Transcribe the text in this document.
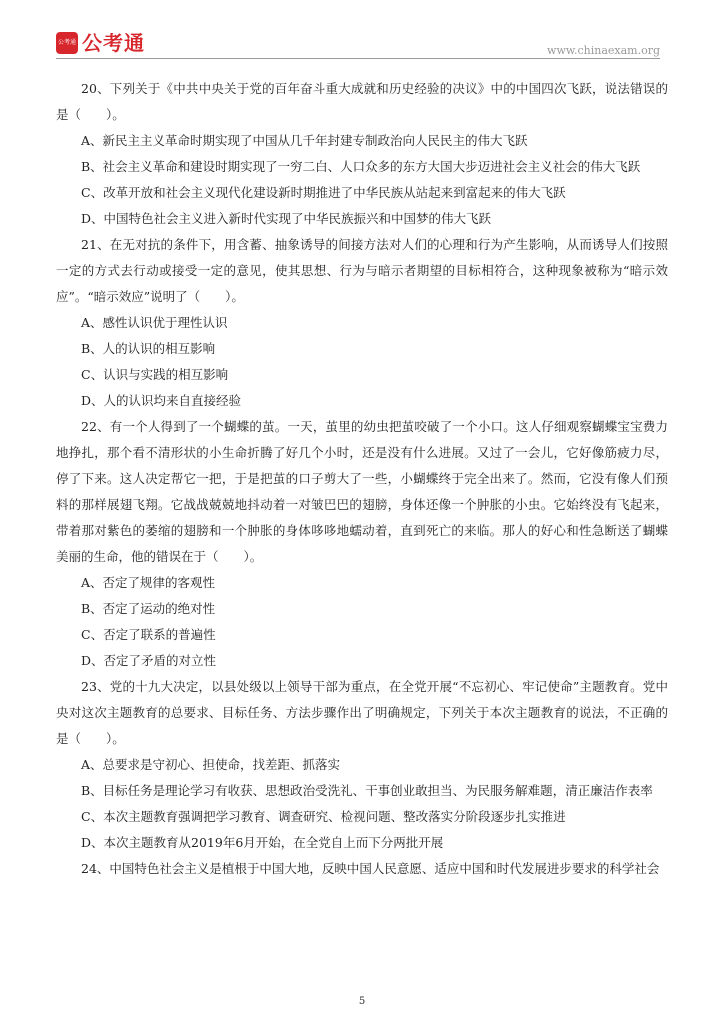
公考通 公考通	www.chinaexam.org

20、下列关于《中共中央关于党的百年奋斗重大成就和历史经验的决议》中的中国四次飞跃，说法错误的是（　　）。

A、新民主主义革命时期实现了中国从几千年封建专制政治向人民民主的伟大飞跃

B、社会主义革命和建设时期实现了一穷二白、人口众多的东方大国大步迈进社会主义社会的伟大飞跃

C、改革开放和社会主义现代化建设新时期推进了中华民族从站起来到富起来的伟大飞跃

D、中国特色社会主义进入新时代实现了中华民族振兴和中国梦的伟大飞跃

21、在无对抗的条件下，用含蓄、抽象诱导的间接方法对人们的心理和行为产生影响，从而诱导人们按照一定的方式去行动或接受一定的意见，使其思想、行为与暗示者期望的目标相符合，这种现象被称为“暗示效应”。“暗示效应”说明了（　　）。

A、感性认识优于理性认识

B、人的认识的相互影响

C、认识与实践的相互影响

D、人的认识均来自直接经验

22、有一个人得到了一个蝴蝶的茧。一天，茧里的幼虫把茧咬破了一个小口。这人仔细观察蝴蝶宝宝费力地挣扎，那个看不清形状的小生命折腾了好几个小时，还是没有什么进展。又过了一会儿，它好像筋疲力尽，停了下来。这人决定帮它一把，于是把茧的口子剪大了一些，小蝴蝶终于完全出来了。然而，它没有像人们预料的那样展翅飞翔。它战战兢兢地抖动着一对皱巴巴的翅膀，身体还像一个肿胀的小虫。它始终没有飞起来，带着那对紫色的萎缩的翅膀和一个肿胀的身体哆哆地蠕动着，直到死亡的来临。那人的好心和性急断送了蝴蝶美丽的生命，他的错误在于（　　）。

A、否定了规律的客观性

B、否定了运动的绝对性

C、否定了联系的普遍性

D、否定了矛盾的对立性

23、党的十九大决定，以县处级以上领导干部为重点，在全党开展“不忘初心、牢记使命”主题教育。党中央对这次主题教育的总要求、目标任务、方法步骤作出了明确规定，下列关于本次主题教育的说法，不正确的是（　　）。

A、总要求是守初心、担使命，找差距、抓落实

B、目标任务是理论学习有收获、思想政治受洗礼、干事创业敢担当、为民服务解难题，清正廉洁作表率

C、本次主题教育强调把学习教育、调查研究、检视问题、整改落实分阶段逐步扎实推进

D、本次主题教育从2019年6月开始，在全党自上而下分两批开展

24、中国特色社会主义是植根于中国大地，反映中国人民意愿、适应中国和时代发展进步要求的科学社会

5
